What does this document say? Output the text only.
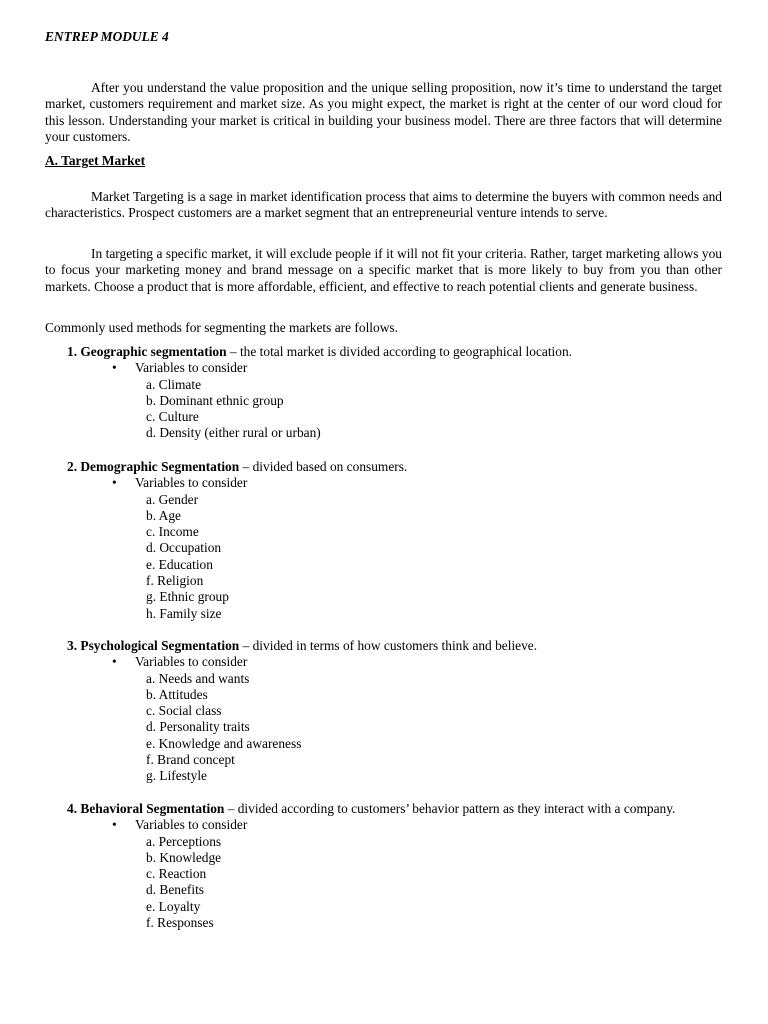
ENTREP MODULE 4

After you understand the value proposition and the unique selling proposition, now it’s time to understand the target market, customers requirement and market size. As you might expect, the market is right at the center of our word cloud for this lesson. Understanding your market is critical in building your business model. There are three factors that will determine your customers.

A. Target Market

Market Targeting is a sage in market identification process that aims to determine the buyers with common needs and characteristics. Prospect customers are a market segment that an entrepreneurial venture intends to serve.

In targeting a specific market, it will exclude people if it will not fit your criteria. Rather, target marketing allows you to focus your marketing money and brand message on a specific market that is more likely to buy from you than other markets. Choose a product that is more affordable, efficient, and effective to reach potential clients and generate business.

Commonly used methods for segmenting the markets are follows.

1. Geographic segmentation – the total market is divided according to geographical location.

• Variables to consider

a. Climate
b. Dominant ethnic group
c. Culture
d. Density (either rural or urban)

2. Demographic Segmentation – divided based on consumers.

• Variables to consider

a. Gender
b. Age
c. Income
d. Occupation
e. Education
f. Religion
g. Ethnic group
h. Family size

3. Psychological Segmentation – divided in terms of how customers think and believe.

• Variables to consider

a. Needs and wants
b. Attitudes
c. Social class
d. Personality traits
e. Knowledge and awareness
f. Brand concept
g. Lifestyle

4. Behavioral Segmentation – divided according to customers’ behavior pattern as they interact with a company.

• Variables to consider

a. Perceptions
b. Knowledge
c. Reaction
d. Benefits
e. Loyalty
f. Responses
